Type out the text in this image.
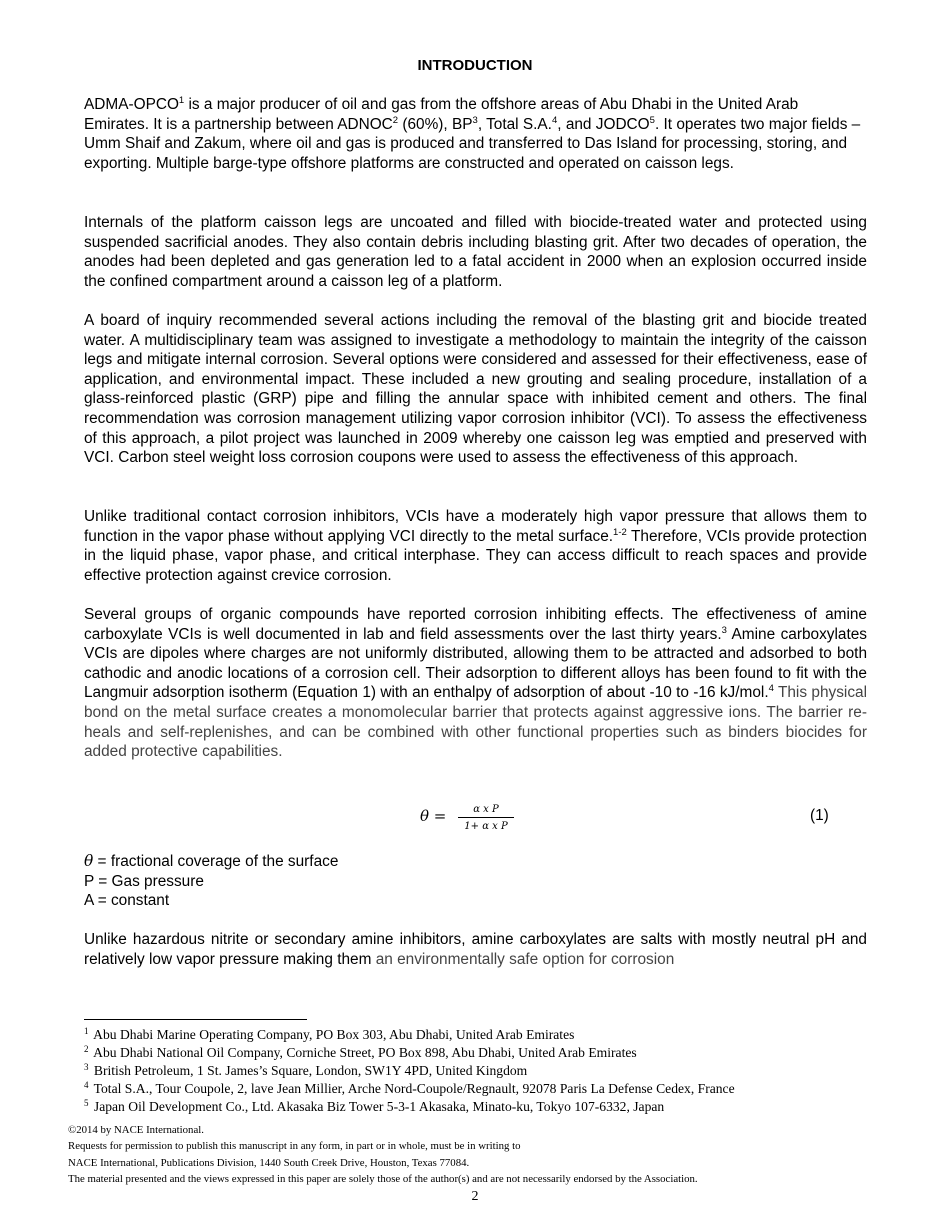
INTRODUCTION

ADMA-OPCO$^1$ is a major producer of oil and gas from the offshore areas of Abu Dhabi in the United Arab Emirates. It is a partnership between ADNOC$^2$ (60%), $BP^3$, Total S.A.$^4$, and JODCO$^5$. It operates two major fields – Umm Shaif and Zakum, where oil and gas is produced and transferred to Das Island for processing, storing, and exporting. Multiple barge-type offshore platforms are constructed and operated on caisson legs.

Internals of the platform caisson legs are uncoated and filled with biocide-treated water and protected using suspended sacrificial anodes. They also contain debris including blasting grit. After two decades of operation, the anodes had been depleted and gas generation led to a fatal accident in 2000 when an explosion occurred inside the confined compartment around a caisson leg of a platform.

A board of inquiry recommended several actions including the removal of the blasting grit and biocide treated water. A multidisciplinary team was assigned to investigate a methodology to maintain the integrity of the caisson legs and mitigate internal corrosion. Several options were considered and assessed for their effectiveness, ease of application, and environmental impact. These included a new grouting and sealing procedure, installation of a glass-reinforced plastic (GRP) pipe and filling the annular space with inhibited cement and others. The final recommendation was corrosion management utilizing vapor corrosion inhibitor (VCI). To assess the effectiveness of this approach, a pilot project was launched in 2009 whereby one caisson leg was emptied and preserved with VCI. Carbon steel weight loss corrosion coupons were used to assess the effectiveness of this approach.

Unlike traditional contact corrosion inhibitors, VCIs have a moderately high vapor pressure that allows them to function in the vapor phase without applying VCI directly to the metal surface.$^{1-2}$ Therefore, VCIs provide protection in the liquid phase, vapor phase, and critical interphase. They can access difficult to reach spaces and provide effective protection against crevice corrosion.

Several groups of organic compounds have reported corrosion inhibiting effects. The effectiveness of amine carboxylate VCIs is well documented in lab and field assessments over the last thirty years.$^3$ Amine carboxylates VCIs are dipoles where charges are not uniformly distributed, allowing them to be attracted and adsorbed to both cathodic and anodic locations of a corrosion cell. Their adsorption to different alloys has been found to fit with the Langmuir adsorption isotherm (Equation 1) with an enthalpy of adsorption of about -10 to -16 kJ/mol.$^4$ This physical bond on the metal surface creates a monomolecular barrier that protects against aggressive ions. The barrier re-heals and self-replenishes, and can be combined with other functional properties such as binders biocides for added protective capabilities.

Unlike hazardous nitrite or secondary amine inhibitors, amine carboxylates are salts with mostly neutral pH and relatively low vapor pressure making them an environmentally safe option for corrosion

$\theta = \frac{\text{α x P}}{\text{1+ α x P}}$	(1)
θ = fractional coverage of the surface
P = Gas pressure
A = constant
$^1$ Abu Dhabi Marine Operating Company, PO Box 303, Abu Dhabi, United Arab Emirates
$^2$ Abu Dhabi National Oil Company, Corniche Street, PO Box 898, Abu Dhabi, United Arab Emirates
$^3$ British Petroleum, 1 St. James’s Square, London, SW1Y 4PD, United Kingdom
$^4$ Total S.A., Tour Coupole, 2, lave Jean Millier, Arche Nord-Coupole/Regnault, 92078 Paris La Defense Cedex, France
$^5$ Japan Oil Development Co., Ltd. Akasaka Biz Tower 5-3-1 Akasaka, Minato-ku, Tokyo 107-6332, Japan
©2014 by NACE International.
Requests for permission to publish this manuscript in any form, in part or in whole, must be in writing to
NACE International, Publications Division, 1440 South Creek Drive, Houston, Texas 77084.
The material presented and the views expressed in this paper are solely those of the author(s) and are not necessarily endorsed by the Association.
2
